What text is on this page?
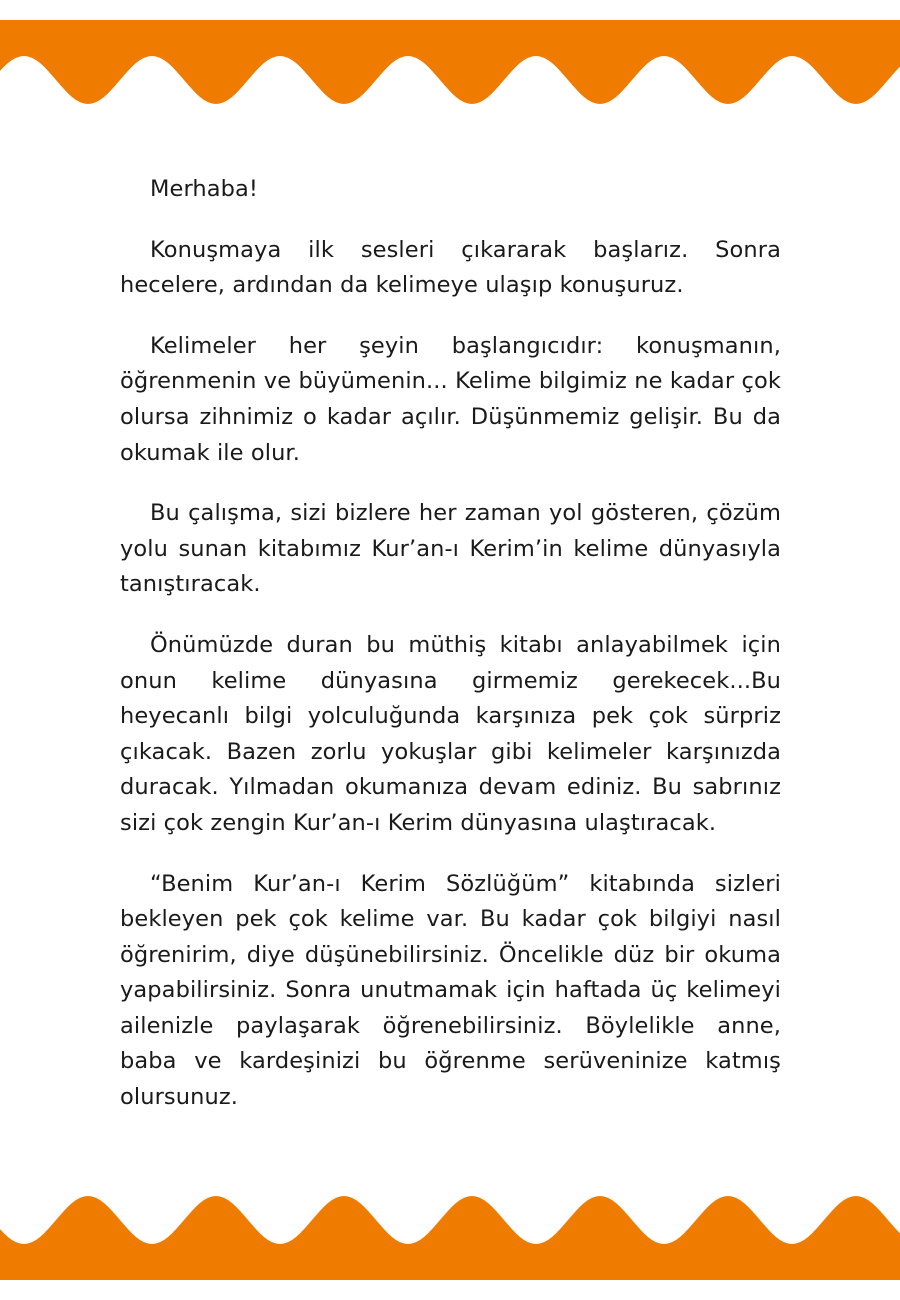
Merhaba!

Konuşmaya ilk sesleri çıkararak başlarız. Sonra hecelere, ardından da kelimeye ulaşıp konuşuruz.

Kelimeler her şeyin başlangıcıdır: konuşmanın, öğrenmenin ve büyümenin... Kelime bilgimiz ne kadar çok olursa zihnimiz o kadar açılır. Düşünmemiz gelişir. Bu da okumak ile olur.

Bu çalışma, sizi bizlere her zaman yol gösteren, çözüm yolu sunan kitabımız Kur’an-ı Kerim’in kelime dünyasıyla tanıştıracak.

Önümüzde duran bu müthiş kitabı anlayabilmek için onun kelime dünyasına girmemiz gerekecek...Bu heyecanlı bilgi yolculuğunda karşınıza pek çok sürpriz çıkacak. Bazen zorlu yokuşlar gibi kelimeler karşınızda duracak. Yılmadan okumanıza devam ediniz. Bu sabrınız sizi çok zengin Kur’an-ı Kerim dünyasına ulaştıracak.

“Benim Kur’an-ı Kerim Sözlüğüm” kitabında sizleri bekleyen pek çok kelime var. Bu kadar çok bilgiyi nasıl öğrenirim, diye düşünebilirsiniz. Öncelikle düz bir okuma yapabilirsiniz. Sonra unutmamak için haftada üç kelimeyi ailenizle paylaşarak öğrenebilirsiniz. Böylelikle anne, baba ve kardeşinizi bu öğrenme serüveninize katmış olursunuz.
